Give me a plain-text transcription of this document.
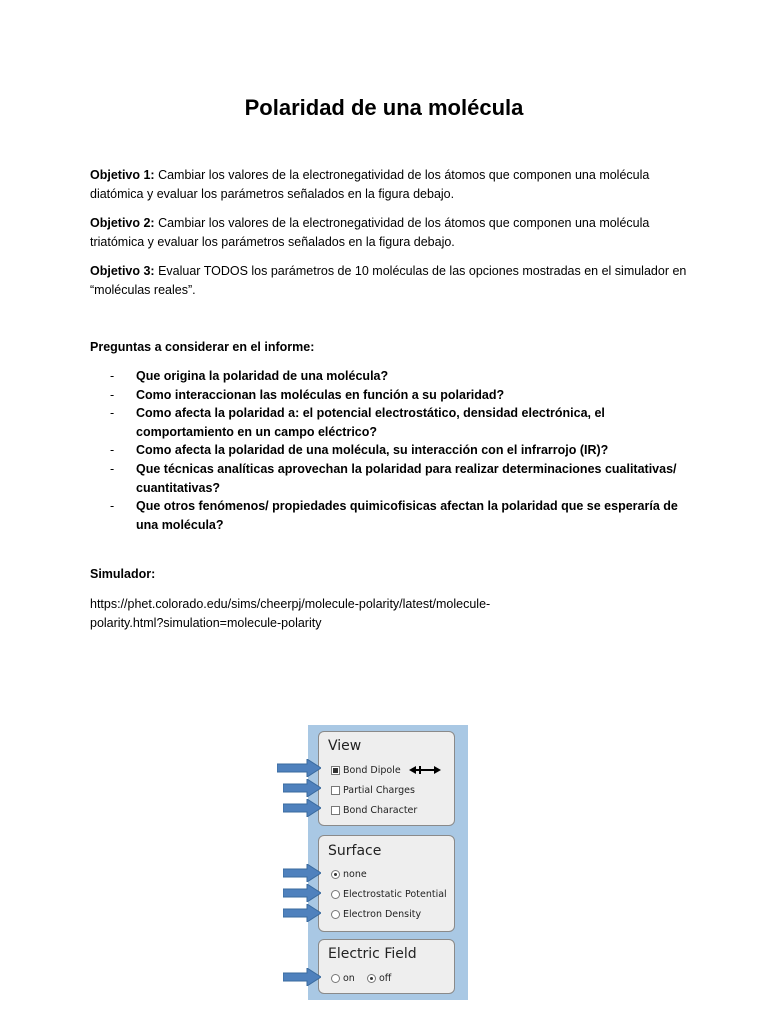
Polaridad de una molécula
Objetivo 1: Cambiar los valores de la electronegatividad de los átomos que componen una molécula diatómica y evaluar los parámetros señalados en la figura debajo.
Objetivo 2: Cambiar los valores de la electronegatividad de los átomos que componen una molécula triatómica y evaluar los parámetros señalados en la figura debajo.
Objetivo 3: Evaluar TODOS los parámetros de 10 moléculas de las opciones mostradas en el simulador en “moléculas reales”.
Preguntas a considerar en el informe:
- Que origina la polaridad de una molécula?
- Como interaccionan las moléculas en función a su polaridad?
- Como afecta la polaridad a: el potencial electrostático, densidad electrónica, el comportamiento en un campo eléctrico?
- Como afecta la polaridad de una molécula, su interacción con el infrarrojo (IR)?
- Que técnicas analíticas aprovechan la polaridad para realizar determinaciones cualitativas/ cuantitativas?
- Que otros fenómenos/ propiedades quimicofisicas afectan la polaridad que se esperaría de una molécula?
Simulador:
https://phet.colorado.edu/sims/cheerpj/molecule-polarity/latest/molecule-polarity.html?simulation=molecule-polarity
View
Bond Dipole
Partial Charges
Bond Character
Surface
none
Electrostatic Potential
Electron Density
Electric Field
on	off
